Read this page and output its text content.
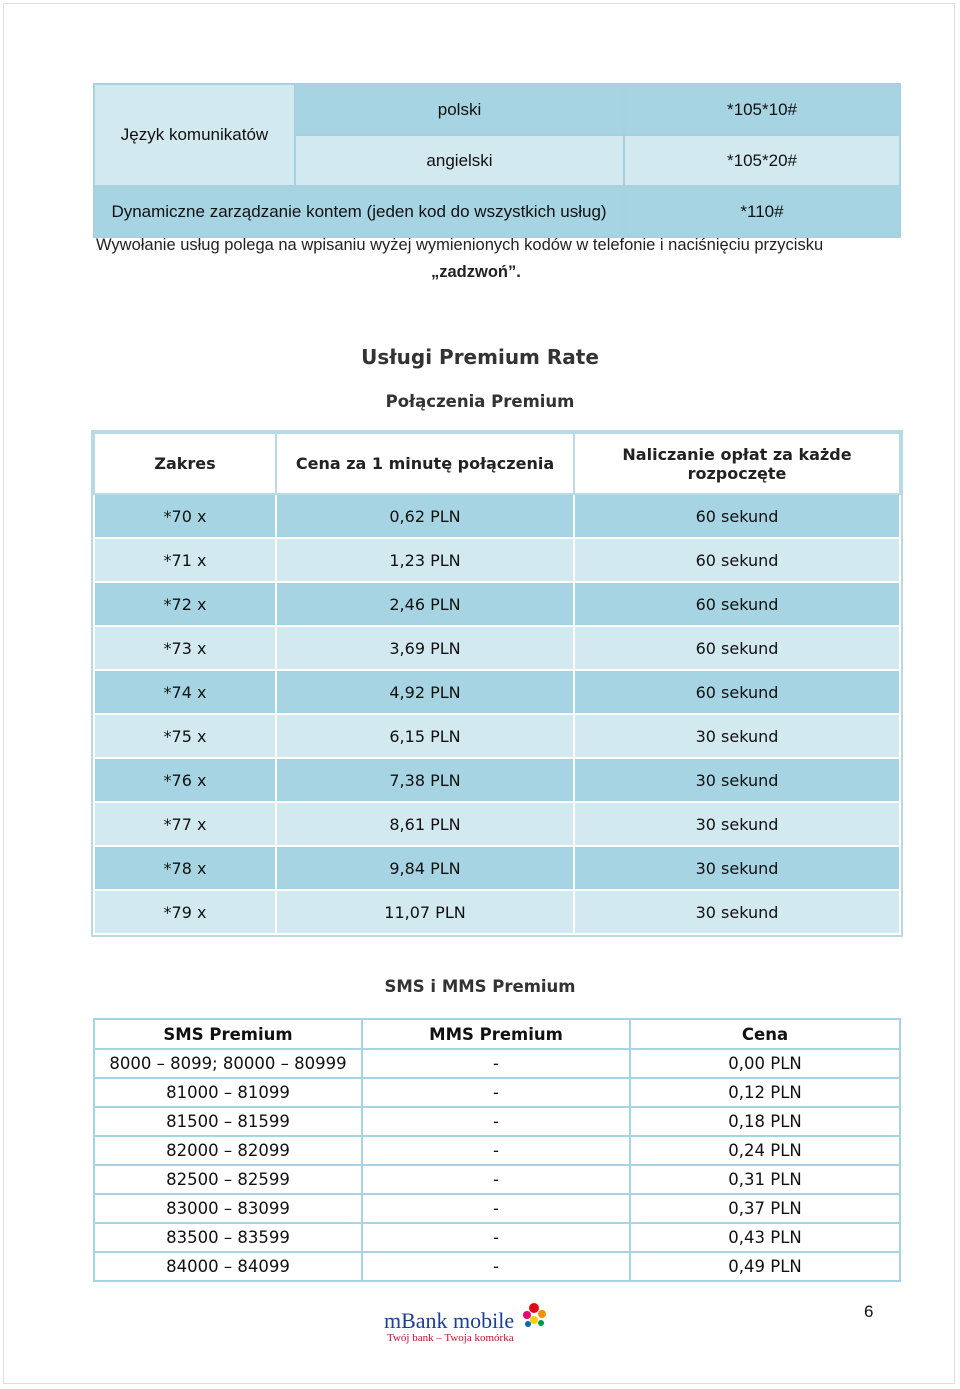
Język komunikatów	polski	*105*10#
	angielski	*105*20#
Dynamiczne zarządzanie kontem (jeden kod do wszystkich usług)		*110#
Wywołanie usług polega na wpisaniu wyżej wymienionych kodów w telefonie i naciśnięciu przycisku
„zadzwoń”.
Usługi Premium Rate
Połączenia Premium
Zakres	Cena za 1 minutę połączenia	Naliczanie opłat za każde rozpoczęte
*70 x	0,62 PLN	60 sekund
*71 x	1,23 PLN	60 sekund
*72 x	2,46 PLN	60 sekund
*73 x	3,69 PLN	60 sekund
*74 x	4,92 PLN	60 sekund
*75 x	6,15 PLN	30 sekund
*76 x	7,38 PLN	30 sekund
*77 x	8,61 PLN	30 sekund
*78 x	9,84 PLN	30 sekund
*79 x	11,07 PLN	30 sekund
SMS i MMS Premium
SMS Premium	MMS Premium	Cena
8000 – 8099; 80000 – 80999	-	0,00 PLN
81000 – 81099	-	0,12 PLN
81500 – 81599	-	0,18 PLN
82000 – 82099	-	0,24 PLN
82500 – 82599	-	0,31 PLN
83000 – 83099	-	0,37 PLN
83500 – 83599	-	0,43 PLN
84000 – 84099	-	0,49 PLN
mBank mobile
Twój bank – Twoja komórka
6
